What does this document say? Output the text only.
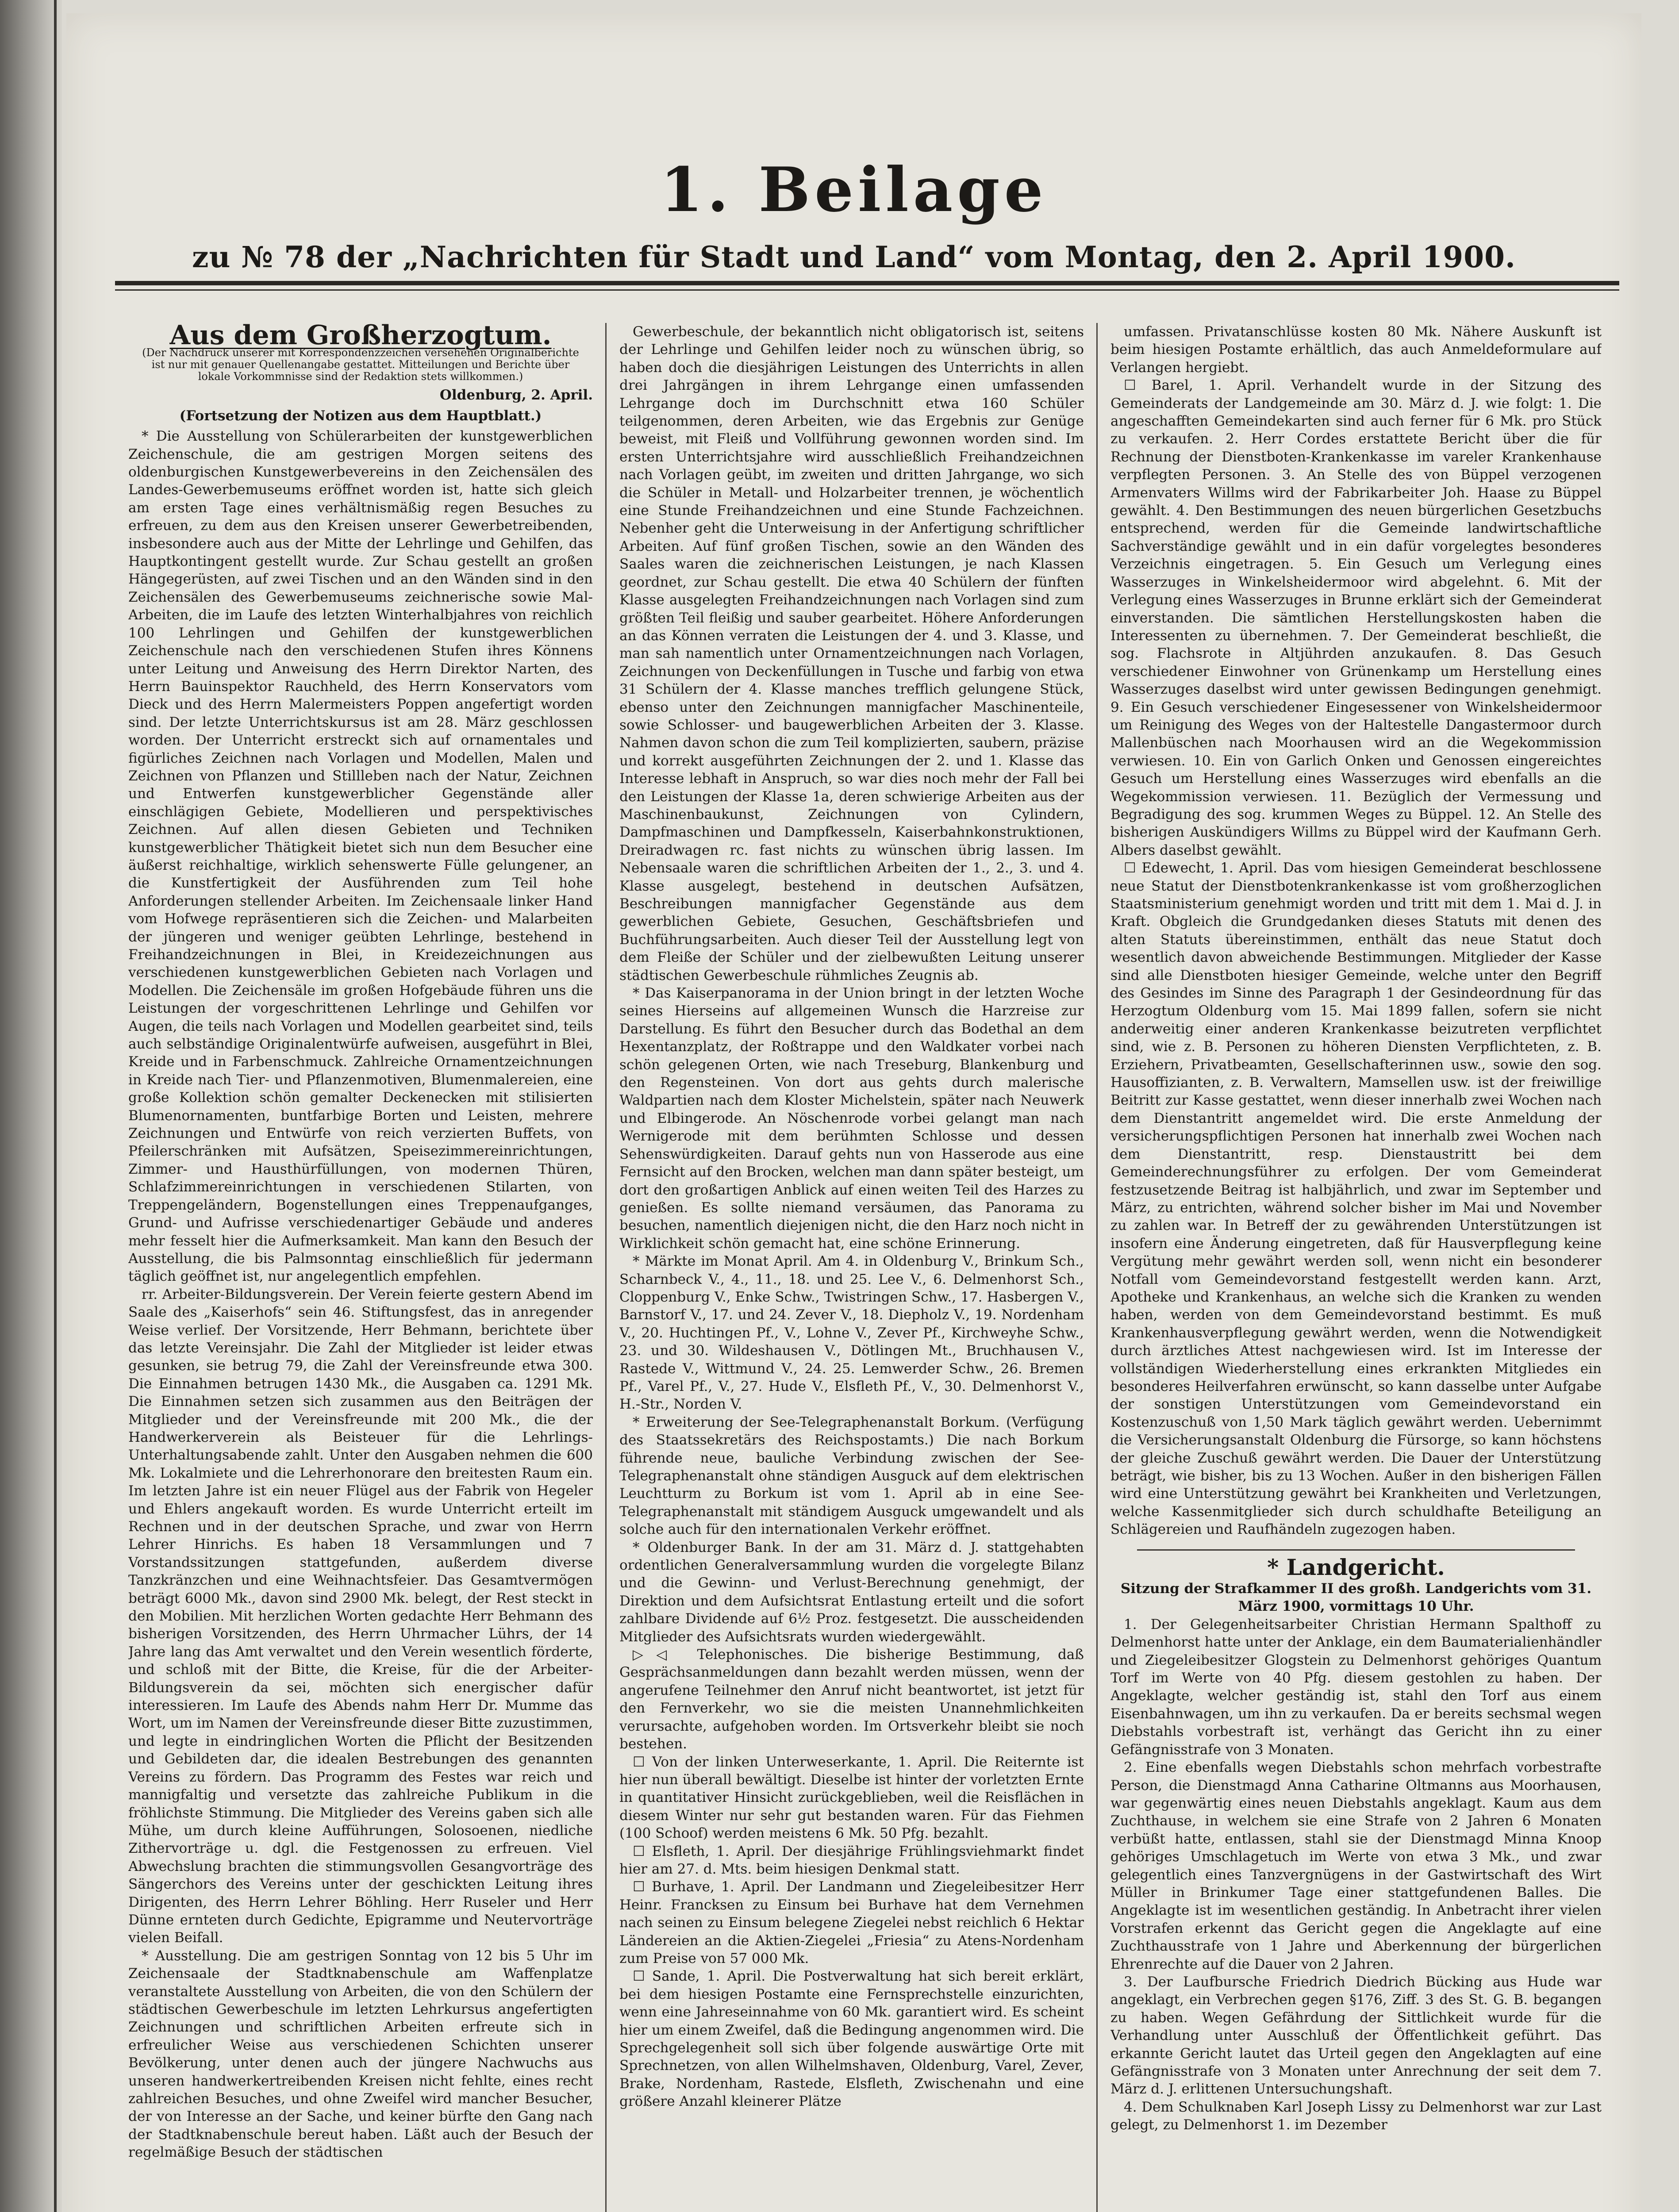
1. Beilage
zu № 78 der „Nachrichten für Stadt und Land“ vom Montag, den 2. April 1900.
Aus dem Großherzogtum.
(Der Nachdruck unserer mit Korrespondenzzeichen versehenen Originalberichte ist nur mit genauer Quellenangabe gestattet. Mitteilungen und Berichte über lokale Vorkommnisse sind der Redaktion stets willkommen.)
Oldenburg, 2. April.
(Fortsetzung der Notizen aus dem Hauptblatt.)

* Die Ausstellung von Schülerarbeiten der kunstgewerblichen Zeichenschule, die am gestrigen Morgen seitens des oldenburgischen Kunstgewerbevereins in den Zeichensälen des Landes-Gewerbemuseums eröffnet worden ist, hatte sich gleich am ersten Tage eines verhältnismäßig regen Besuches zu erfreuen, zu dem aus den Kreisen unserer Gewerbetreibenden, insbesondere auch aus der Mitte der Lehrlinge und Gehilfen, das Hauptkontingent gestellt wurde. Zur Schau gestellt an großen Hängegerüsten, auf zwei Tischen und an den Wänden sind in den Zeichensälen des Gewerbemuseums zeichnerische sowie Mal-Arbeiten, die im Laufe des letzten Winterhalbjahres von reichlich 100 Lehrlingen und Gehilfen der kunstgewerblichen Zeichenschule nach den verschiedenen Stufen ihres Könnens unter Leitung und Anweisung des Herrn Direktor Narten, des Herrn Bauinspektor Rauchheld, des Herrn Konservators vom Dieck und des Herrn Malermeisters Poppen angefertigt worden sind. Der letzte Unterrichtskursus ist am 28. März geschlossen worden. Der Unterricht erstreckt sich auf ornamentales und figürliches Zeichnen nach Vorlagen und Modellen, Malen und Zeichnen von Pflanzen und Stillleben nach der Natur, Zeichnen und Entwerfen kunstgewerblicher Gegenstände aller einschlägigen Gebiete, Modellieren und perspektivisches Zeichnen. Auf allen diesen Gebieten und Techniken kunstgewerblicher Thätigkeit bietet sich nun dem Besucher eine äußerst reichhaltige, wirklich sehenswerte Fülle gelungener, an die Kunstfertigkeit der Ausführenden zum Teil hohe Anforderungen stellender Arbeiten. Im Zeichensaale linker Hand vom Hofwege repräsentieren sich die Zeichen- und Malarbeiten der jüngeren und weniger geübten Lehrlinge, bestehend in Freihandzeichnungen in Blei, in Kreidezeichnungen aus verschiedenen kunstgewerblichen Gebieten nach Vorlagen und Modellen. Die Zeichensäle im großen Hofgebäude führen uns die Leistungen der vorgeschrittenen Lehrlinge und Gehilfen vor Augen, die teils nach Vorlagen und Modellen gearbeitet sind, teils auch selbständige Originalentwürfe aufweisen, ausgeführt in Blei, Kreide und in Farbenschmuck. Zahlreiche Ornamentzeichnungen in Kreide nach Tier- und Pflanzenmotiven, Blumenmalereien, eine große Kollektion schön gemalter Deckenecken mit stilisierten Blumenornamenten, buntfarbige Borten und Leisten, mehrere Zeichnungen und Entwürfe von reich verzierten Buffets, von Pfeilerschränken mit Aufsätzen, Speisezimmereinrichtungen, Zimmer- und Hausthürfüllungen, von modernen Thüren, Schlafzimmereinrichtungen in verschiedenen Stilarten, von Treppengeländern, Bogenstellungen eines Treppenaufganges, Grund- und Aufrisse verschiedenartiger Gebäude und anderes mehr fesselt hier die Aufmerksamkeit. Man kann den Besuch der Ausstellung, die bis Palmsonntag einschließlich für jedermann täglich geöffnet ist, nur angelegentlich empfehlen.

rr. Arbeiter-Bildungsverein. Der Verein feierte gestern Abend im Saale des „Kaiserhofs“ sein 46. Stiftungsfest, das in anregender Weise verlief. Der Vorsitzende, Herr Behmann, berichtete über das letzte Vereinsjahr. Die Zahl der Mitglieder ist leider etwas gesunken, sie betrug 79, die Zahl der Vereinsfreunde etwa 300. Die Einnahmen betrugen 1430 Mk., die Ausgaben ca. 1291 Mk. Die Einnahmen setzen sich zusammen aus den Beiträgen der Mitglieder und der Vereinsfreunde mit 200 Mk., die der Handwerkerverein als Beisteuer für die Lehrlings-Unterhaltungsabende zahlt. Unter den Ausgaben nehmen die 600 Mk. Lokalmiete und die Lehrerhonorare den breitesten Raum ein. Im letzten Jahre ist ein neuer Flügel aus der Fabrik von Hegeler und Ehlers angekauft worden. Es wurde Unterricht erteilt im Rechnen und in der deutschen Sprache, und zwar von Herrn Lehrer Hinrichs. Es haben 18 Versammlungen und 7 Vorstandssitzungen stattgefunden, außerdem diverse Tanzkränzchen und eine Weihnachtsfeier. Das Gesamtvermögen beträgt 6000 Mk., davon sind 2900 Mk. belegt, der Rest steckt in den Mobilien. Mit herzlichen Worten gedachte Herr Behmann des bisherigen Vorsitzenden, des Herrn Uhrmacher Lührs, der 14 Jahre lang das Amt verwaltet und den Verein wesentlich förderte, und schloß mit der Bitte, die Kreise, für die der Arbeiter-Bildungsverein da sei, möchten sich energischer dafür interessieren. Im Laufe des Abends nahm Herr Dr. Mumme das Wort, um im Namen der Vereinsfreunde dieser Bitte zuzustimmen, und legte in eindringlichen Worten die Pflicht der Besitzenden und Gebildeten dar, die idealen Bestrebungen des genannten Vereins zu fördern. Das Programm des Festes war reich und mannigfaltig und versetzte das zahlreiche Publikum in die fröhlichste Stimmung. Die Mitglieder des Vereins gaben sich alle Mühe, um durch kleine Aufführungen, Solosoenen, niedliche Zithervorträge u. dgl. die Festgenossen zu erfreuen. Viel Abwechslung brachten die stimmungsvollen Gesangvorträge des Sängerchors des Vereins unter der geschickten Leitung ihres Dirigenten, des Herrn Lehrer Böhling. Herr Ruseler und Herr Dünne ernteten durch Gedichte, Epigramme und Neutervorträge vielen Beifall.

* Ausstellung. Die am gestrigen Sonntag von 12 bis 5 Uhr im Zeichensaale der Stadtknabenschule am Waffenplatze veranstaltete Ausstellung von Arbeiten, die von den Schülern der städtischen Gewerbeschule im letzten Lehrkursus angefertigten Zeichnungen und schriftlichen Arbeiten erfreute sich in erfreulicher Weise aus verschiedenen Schichten unserer Bevölkerung, unter denen auch der jüngere Nachwuchs aus unseren handwerkertreibenden Kreisen nicht fehlte, eines recht zahlreichen Besuches, und ohne Zweifel wird mancher Besucher, der von Interesse an der Sache, und keiner bürfte den Gang nach der Stadtknabenschule bereut haben. Läßt auch der Besuch der regelmäßige Besuch der städtischen

Gewerbeschule, der bekanntlich nicht obligatorisch ist, seitens der Lehrlinge und Gehilfen leider noch zu wünschen übrig, so haben doch die diesjährigen Leistungen des Unterrichts in allen drei Jahrgängen in ihrem Lehrgange einen umfassenden Lehrgange doch im Durchschnitt etwa 160 Schüler teilgenommen, deren Arbeiten, wie das Ergebnis zur Genüge beweist, mit Fleiß und Vollführung gewonnen worden sind. Im ersten Unterrichtsjahre wird ausschließlich Freihandzeichnen nach Vorlagen geübt, im zweiten und dritten Jahrgange, wo sich die Schüler in Metall- und Holzarbeiter trennen, je wöchentlich eine Stunde Freihandzeichnen und eine Stunde Fachzeichnen. Nebenher geht die Unterweisung in der Anfertigung schriftlicher Arbeiten. Auf fünf großen Tischen, sowie an den Wänden des Saales waren die zeichnerischen Leistungen, je nach Klassen geordnet, zur Schau gestellt. Die etwa 40 Schülern der fünften Klasse ausgelegten Freihandzeichnungen nach Vorlagen sind zum größten Teil fleißig und sauber gearbeitet. Höhere Anforderungen an das Können verraten die Leistungen der 4. und 3. Klasse, und man sah namentlich unter Ornamentzeichnungen nach Vorlagen, Zeichnungen von Deckenfüllungen in Tusche und farbig von etwa 31 Schülern der 4. Klasse manches trefflich gelungene Stück, ebenso unter den Zeichnungen mannigfacher Maschinenteile, sowie Schlosser- und baugewerblichen Arbeiten der 3. Klasse. Nahmen davon schon die zum Teil komplizierten, saubern, präzise und korrekt ausgeführten Zeichnungen der 2. und 1. Klasse das Interesse lebhaft in Anspruch, so war dies noch mehr der Fall bei den Leistungen der Klasse 1a, deren schwierige Arbeiten aus der Maschinenbaukunst, Zeichnungen von Cylindern, Dampfmaschinen und Dampfkesseln, Kaiserbahnkonstruktionen, Dreiradwagen rc. fast nichts zu wünschen übrig lassen. Im Nebensaale waren die schriftlichen Arbeiten der 1., 2., 3. und 4. Klasse ausgelegt, bestehend in deutschen Aufsätzen, Beschreibungen mannigfacher Gegenstände aus dem gewerblichen Gebiete, Gesuchen, Geschäftsbriefen und Buchführungsarbeiten. Auch dieser Teil der Ausstellung legt von dem Fleiße der Schüler und der zielbewußten Leitung unserer städtischen Gewerbeschule rühmliches Zeugnis ab.

* Das Kaiserpanorama in der Union bringt in der letzten Woche seines Hierseins auf allgemeinen Wunsch die Harzreise zur Darstellung. Es führt den Besucher durch das Bodethal an dem Hexentanzplatz, der Roßtrappe und den Waldkater vorbei nach schön gelegenen Orten, wie nach Treseburg, Blankenburg und den Regensteinen. Von dort aus gehts durch malerische Waldpartien nach dem Kloster Michelstein, später nach Neuwerk und Elbingerode. An Nöschenrode vorbei gelangt man nach Wernigerode mit dem berühmten Schlosse und dessen Sehenswürdigkeiten. Darauf gehts nun von Hasserode aus eine Fernsicht auf den Brocken, welchen man dann später besteigt, um dort den großartigen Anblick auf einen weiten Teil des Harzes zu genießen. Es sollte niemand versäumen, das Panorama zu besuchen, namentlich diejenigen nicht, die den Harz noch nicht in Wirklichkeit schön gemacht hat, eine schöne Erinnerung.

* Märkte im Monat April. Am 4. in Oldenburg V., Brinkum Sch., Scharnbeck V., 4., 11., 18. und 25. Lee V., 6. Delmenhorst Sch., Cloppenburg V., Enke Schw., Twistringen Schw., 17. Hasbergen V., Barnstorf V., 17. und 24. Zever V., 18. Diepholz V., 19. Nordenham V., 20. Huchtingen Pf., V., Lohne V., Zever Pf., Kirchweyhe Schw., 23. und 30. Wildeshausen V., Dötlingen Mt., Bruchhausen V., Rastede V., Wittmund V., 24. 25. Lemwerder Schw., 26. Bremen Pf., Varel Pf., V., 27. Hude V., Elsfleth Pf., V., 30. Delmenhorst V., H.-Str., Norden V.

* Erweiterung der See-Telegraphenanstalt Borkum. (Verfügung des Staatssekretärs des Reichspostamts.) Die nach Borkum führende neue, bauliche Verbindung zwischen der See-Telegraphenanstalt ohne ständigen Ausguck auf dem elektrischen Leuchtturm zu Borkum ist vom 1. April ab in eine See-Telegraphenanstalt mit ständigem Ausguck umgewandelt und als solche auch für den internationalen Verkehr eröffnet.

* Oldenburger Bank. In der am 31. März d. J. stattgehabten ordentlichen Generalversammlung wurden die vorgelegte Bilanz und die Gewinn- und Verlust-Berechnung genehmigt, der Direktion und dem Aufsichtsrat Entlastung erteilt und die sofort zahlbare Dividende auf 6½ Proz. festgesetzt. Die ausscheidenden Mitglieder des Aufsichtsrats wurden wiedergewählt.

▷◁ Telephonisches. Die bisherige Bestimmung, daß Gesprächsanmeldungen dann bezahlt werden müssen, wenn der angerufene Teilnehmer den Anruf nicht beantwortet, ist jetzt für den Fernverkehr, wo sie die meisten Unannehmlichkeiten verursachte, aufgehoben worden. Im Ortsverkehr bleibt sie noch bestehen.

☐ Von der linken Unterweserkante, 1. April. Die Reiternte ist hier nun überall bewältigt. Dieselbe ist hinter der vorletzten Ernte in quantitativer Hinsicht zurückgeblieben, weil die Reisflächen in diesem Winter nur sehr gut bestanden waren. Für das Fiehmen (100 Schoof) werden meistens 6 Mk. 50 Pfg. bezahlt.

☐ Elsfleth, 1. April. Der diesjährige Frühlingsviehmarkt findet hier am 27. d. Mts. beim hiesigen Denkmal statt.

☐ Burhave, 1. April. Der Landmann und Ziegeleibesitzer Herr Heinr. Francksen zu Einsum bei Burhave hat dem Vernehmen nach seinen zu Einsum belegene Ziegelei nebst reichlich 6 Hektar Ländereien an die Aktien-Ziegelei „Friesia“ zu Atens-Nordenham zum Preise von 57 000 Mk.

☐ Sande, 1. April. Die Postverwaltung hat sich bereit erklärt, bei dem hiesigen Postamte eine Fernsprechstelle einzurichten, wenn eine Jahreseinnahme von 60 Mk. garantiert wird. Es scheint hier um einem Zweifel, daß die Bedingung angenommen wird. Die Sprechgelegenheit soll sich über folgende auswärtige Orte mit Sprechnetzen, von allen Wilhelmshaven, Oldenburg, Varel, Zever, Brake, Nordenham, Rastede, Elsfleth, Zwischenahn und eine größere Anzahl kleinerer Plätze

umfassen. Privatanschlüsse kosten 80 Mk. Nähere Auskunft ist beim hiesigen Postamte erhältlich, das auch Anmeldeformulare auf Verlangen hergiebt.

☐ Barel, 1. April. Verhandelt wurde in der Sitzung des Gemeinderats der Landgemeinde am 30. März d. J. wie folgt: 1. Die angeschafften Gemeindekarten sind auch ferner für 6 Mk. pro Stück zu verkaufen. 2. Herr Cordes erstattete Bericht über die für Rechnung der Dienstboten-Krankenkasse im vareler Krankenhause verpflegten Personen. 3. An Stelle des von Büppel verzogenen Armenvaters Willms wird der Fabrikarbeiter Joh. Haase zu Büppel gewählt. 4. Den Bestimmungen des neuen bürgerlichen Gesetzbuchs entsprechend, werden für die Gemeinde landwirtschaftliche Sachverständige gewählt und in ein dafür vorgelegtes besonderes Verzeichnis eingetragen. 5. Ein Gesuch um Verlegung eines Wasserzuges in Winkelsheidermoor wird abgelehnt. 6. Mit der Verlegung eines Wasserzuges in Brunne erklärt sich der Gemeinderat einverstanden. Die sämtlichen Herstellungskosten haben die Interessenten zu übernehmen. 7. Der Gemeinderat beschließt, die sog. Flachsrote in Altjührden anzukaufen. 8. Das Gesuch verschiedener Einwohner von Grünenkamp um Herstellung eines Wasserzuges daselbst wird unter gewissen Bedingungen genehmigt. 9. Ein Gesuch verschiedener Eingesessener von Winkelsheidermoor um Reinigung des Weges von der Haltestelle Dangastermoor durch Mallenbüschen nach Moorhausen wird an die Wegekommission verwiesen. 10. Ein von Garlich Onken und Genossen eingereichtes Gesuch um Herstellung eines Wasserzuges wird ebenfalls an die Wegekommission verwiesen. 11. Bezüglich der Vermessung und Begradigung des sog. krummen Weges zu Büppel. 12. An Stelle des bisherigen Auskündigers Willms zu Büppel wird der Kaufmann Gerh. Albers daselbst gewählt.

☐ Edewecht, 1. April. Das vom hiesigen Gemeinderat beschlossene neue Statut der Dienstbotenkrankenkasse ist vom großherzoglichen Staatsministerium genehmigt worden und tritt mit dem 1. Mai d. J. in Kraft. Obgleich die Grundgedanken dieses Statuts mit denen des alten Statuts übereinstimmen, enthält das neue Statut doch wesentlich davon abweichende Bestimmungen. Mitglieder der Kasse sind alle Dienstboten hiesiger Gemeinde, welche unter den Begriff des Gesindes im Sinne des Paragraph 1 der Gesindeordnung für das Herzogtum Oldenburg vom 15. Mai 1899 fallen, sofern sie nicht anderweitig einer anderen Krankenkasse beizutreten verpflichtet sind, wie z. B. Personen zu höheren Diensten Verpflichteten, z. B. Erziehern, Privatbeamten, Gesellschafterinnen usw., sowie den sog. Hausoffizianten, z. B. Verwaltern, Mamsellen usw. ist der freiwillige Beitritt zur Kasse gestattet, wenn dieser innerhalb zwei Wochen nach dem Dienstantritt angemeldet wird. Die erste Anmeldung der versicherungspflichtigen Personen hat innerhalb zwei Wochen nach dem Dienstantritt, resp. Dienstaustritt bei dem Gemeinderechnungsführer zu erfolgen. Der vom Gemeinderat festzusetzende Beitrag ist halbjährlich, und zwar im September und März, zu entrichten, während solcher bisher im Mai und November zu zahlen war. In Betreff der zu gewährenden Unterstützungen ist insofern eine Änderung eingetreten, daß für Hausverpflegung keine Vergütung mehr gewährt werden soll, wenn nicht ein besonderer Notfall vom Gemeindevorstand festgestellt werden kann. Arzt, Apotheke und Krankenhaus, an welche sich die Kranken zu wenden haben, werden von dem Gemeindevorstand bestimmt. Es muß Krankenhausverpflegung gewährt werden, wenn die Notwendigkeit durch ärztliches Attest nachgewiesen wird. Ist im Interesse der vollständigen Wiederherstellung eines erkrankten Mitgliedes ein besonderes Heilverfahren erwünscht, so kann dasselbe unter Aufgabe der sonstigen Unterstützungen vom Gemeindevorstand ein Kostenzuschuß von 1,50 Mark täglich gewährt werden. Uebernimmt die Versicherungsanstalt Oldenburg die Fürsorge, so kann höchstens der gleiche Zuschuß gewährt werden. Die Dauer der Unterstützung beträgt, wie bisher, bis zu 13 Wochen. Außer in den bisherigen Fällen wird eine Unterstützung gewährt bei Krankheiten und Verletzungen, welche Kassenmitglieder sich durch schuldhafte Beteiligung an Schlägereien und Raufhändeln zugezogen haben.

* Landgericht.

Sitzung der Strafkammer II des großh. Landgerichts vom 31. März 1900, vormittags 10 Uhr.

1. Der Gelegenheitsarbeiter Christian Hermann Spalthoff zu Delmenhorst hatte unter der Anklage, ein dem Baumaterialienhändler und Ziegeleibesitzer Glogstein zu Delmenhorst gehöriges Quantum Torf im Werte von 40 Pfg. diesem gestohlen zu haben. Der Angeklagte, welcher geständig ist, stahl den Torf aus einem Eisenbahnwagen, um ihn zu verkaufen. Da er bereits sechsmal wegen Diebstahls vorbestraft ist, verhängt das Gericht ihn zu einer Gefängnisstrafe von 3 Monaten.

2. Eine ebenfalls wegen Diebstahls schon mehrfach vorbestrafte Person, die Dienstmagd Anna Catharine Oltmanns aus Moorhausen, war gegenwärtig eines neuen Diebstahls angeklagt. Kaum aus dem Zuchthause, in welchem sie eine Strafe von 2 Jahren 6 Monaten verbüßt hatte, entlassen, stahl sie der Dienstmagd Minna Knoop gehöriges Umschlagetuch im Werte von etwa 3 Mk., und zwar gelegentlich eines Tanzvergnügens in der Gastwirtschaft des Wirt Müller in Brinkumer Tage einer stattgefundenen Balles. Die Angeklagte ist im wesentlichen geständig. In Anbetracht ihrer vielen Vorstrafen erkennt das Gericht gegen die Angeklagte auf eine Zuchthausstrafe von 1 Jahre und Aberkennung der bürgerlichen Ehrenrechte auf die Dauer von 2 Jahren.

3. Der Laufbursche Friedrich Diedrich Bücking aus Hude war angeklagt, ein Verbrechen gegen §176, Ziff. 3 des St. G. B. begangen zu haben. Wegen Gefährdung der Sittlichkeit wurde für die Verhandlung unter Ausschluß der Öffentlichkeit geführt. Das erkannte Gericht lautet das Urteil gegen den Angeklagten auf eine Gefängnisstrafe von 3 Monaten unter Anrechnung der seit dem 7. März d. J. erlittenen Untersuchungshaft.

4. Dem Schulknaben Karl Joseph Lissy zu Delmenhorst war zur Last gelegt, zu Delmenhorst 1. im Dezember
